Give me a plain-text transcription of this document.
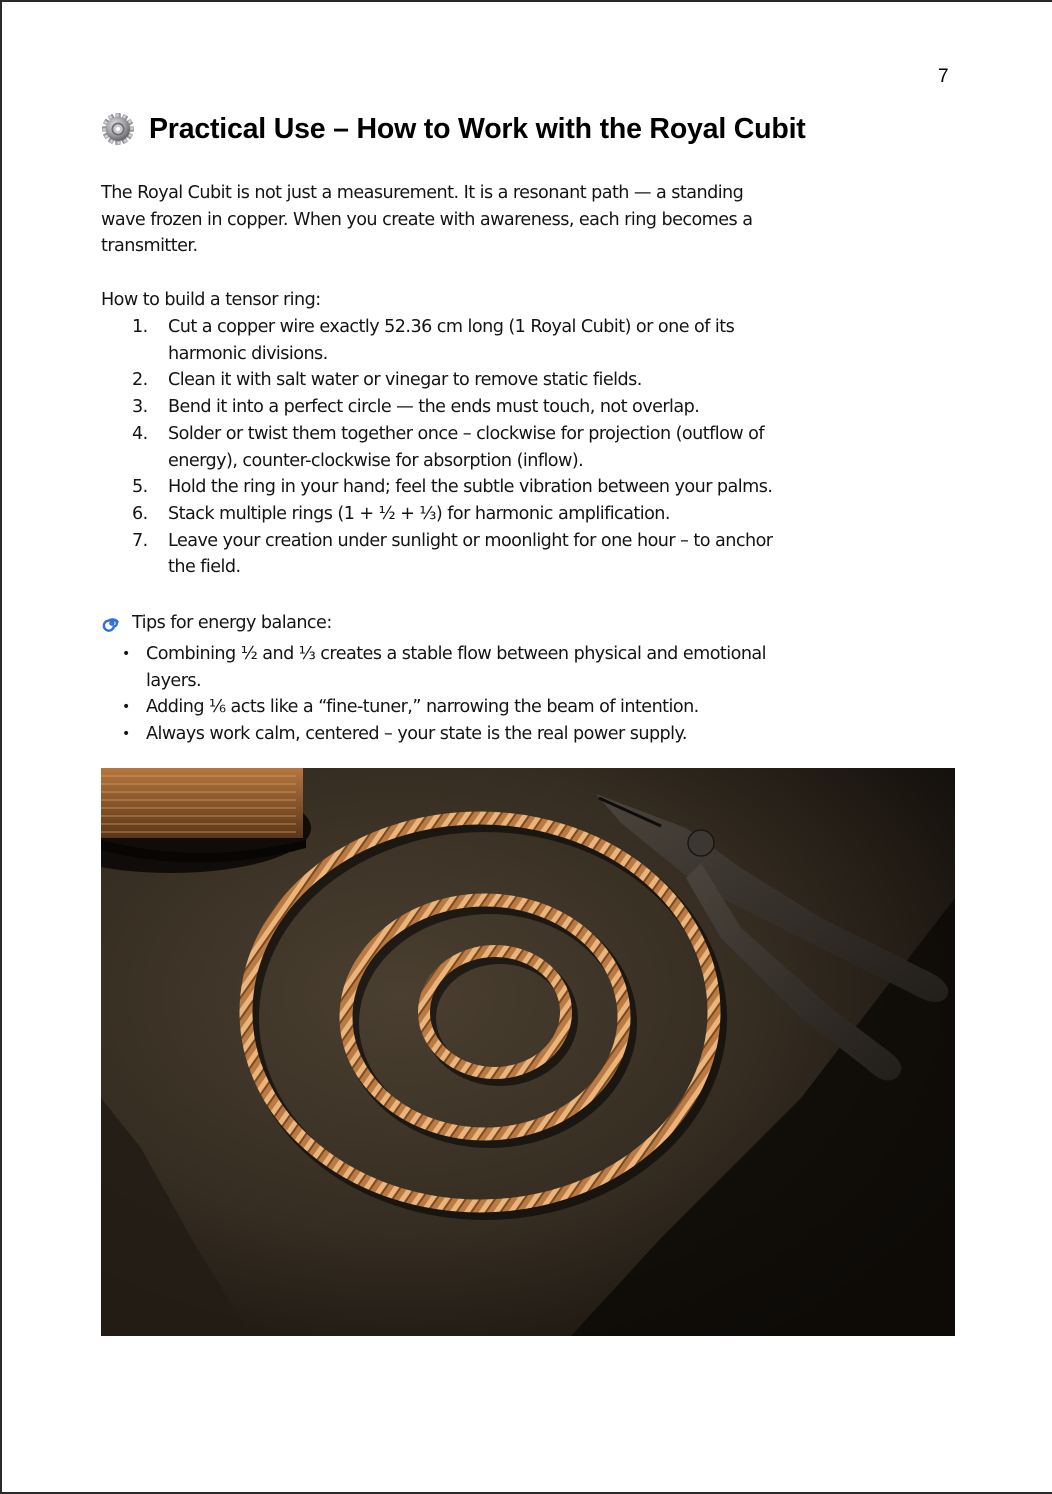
7
Practical Use – How to Work with the Royal Cubit

The Royal Cubit is not just a measurement. It is a resonant path — a standing

wave frozen in copper. When you create with awareness, each ring becomes a

transmitter.

How to build a tensor ring:
1. Cut a copper wire exactly 52.36 cm long (1 Royal Cubit) or one of its
harmonic divisions.
2. Clean it with salt water or vinegar to remove static fields.
3. Bend it into a perfect circle — the ends must touch, not overlap.
4. Solder or twist them together once – clockwise for projection (outflow of
energy), counter-clockwise for absorption (inflow).
5. Hold the ring in your hand; feel the subtle vibration between your palms.
6. Stack multiple rings (1 + ½ + ⅓) for harmonic amplification.
7. Leave your creation under sunlight or moonlight for one hour – to anchor
the field.
Tips for energy balance:
• Combining ½ and ⅓ creates a stable flow between physical and emotional
layers.
• Adding ⅙ acts like a “fine-tuner,” narrowing the beam of intention.
• Always work calm, centered – your state is the real power supply.
